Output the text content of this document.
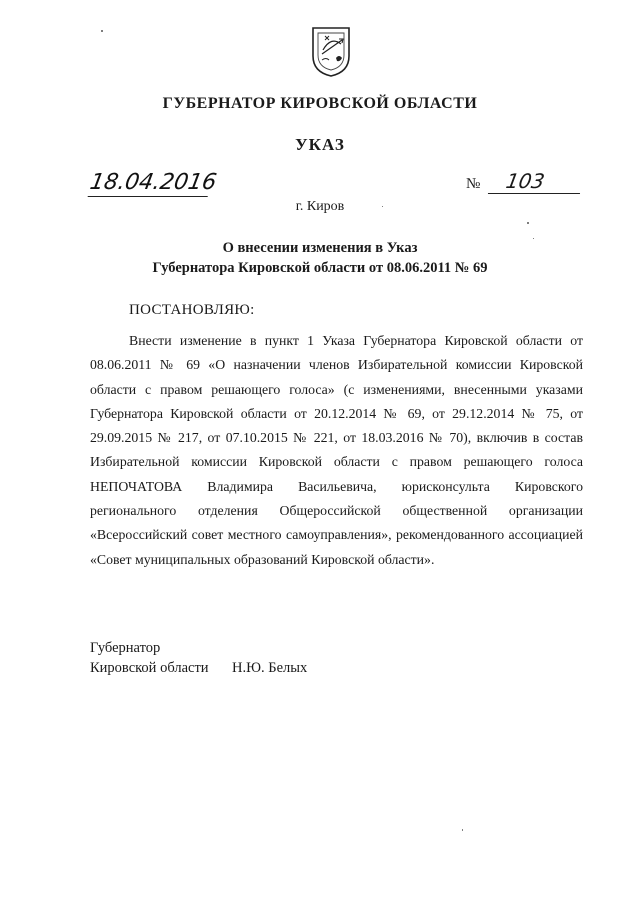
ГУБЕРНАТОР КИРОВСКОЙ ОБЛАСТИ
УКАЗ
18.04.2016	№	103
г. Киров
О внесении изменения в Указ
Губернатора Кировской области от 08.06.2011 № 69
ПОСТАНОВЛЯЮ:

Внести изменение в пункт 1 Указа Губернатора Кировской области от 08.06.2011 № 69 «О назначении членов Избирательной комиссии Кировской области с правом решающего голоса» (с изменениями, внесенными указами Губернатора Кировской области от 20.12.2014 № 69, от 29.12.2014 № 75, от 29.09.2015 № 217, от 07.10.2015 № 221, от 18.03.2016 № 70), включив в состав Избирательной комиссии Кировской области с правом решающего голоса НЕПОЧАТОВА Владимира Васильевича, юрисконсульта Кировского регионального отделения Общероссийской общественной организации «Всероссийский совет местного самоуправления», рекомендованного ассоциацией «Совет муниципальных образований Кировской области».

Губернатор
Кировской области Н.Ю. Белых
